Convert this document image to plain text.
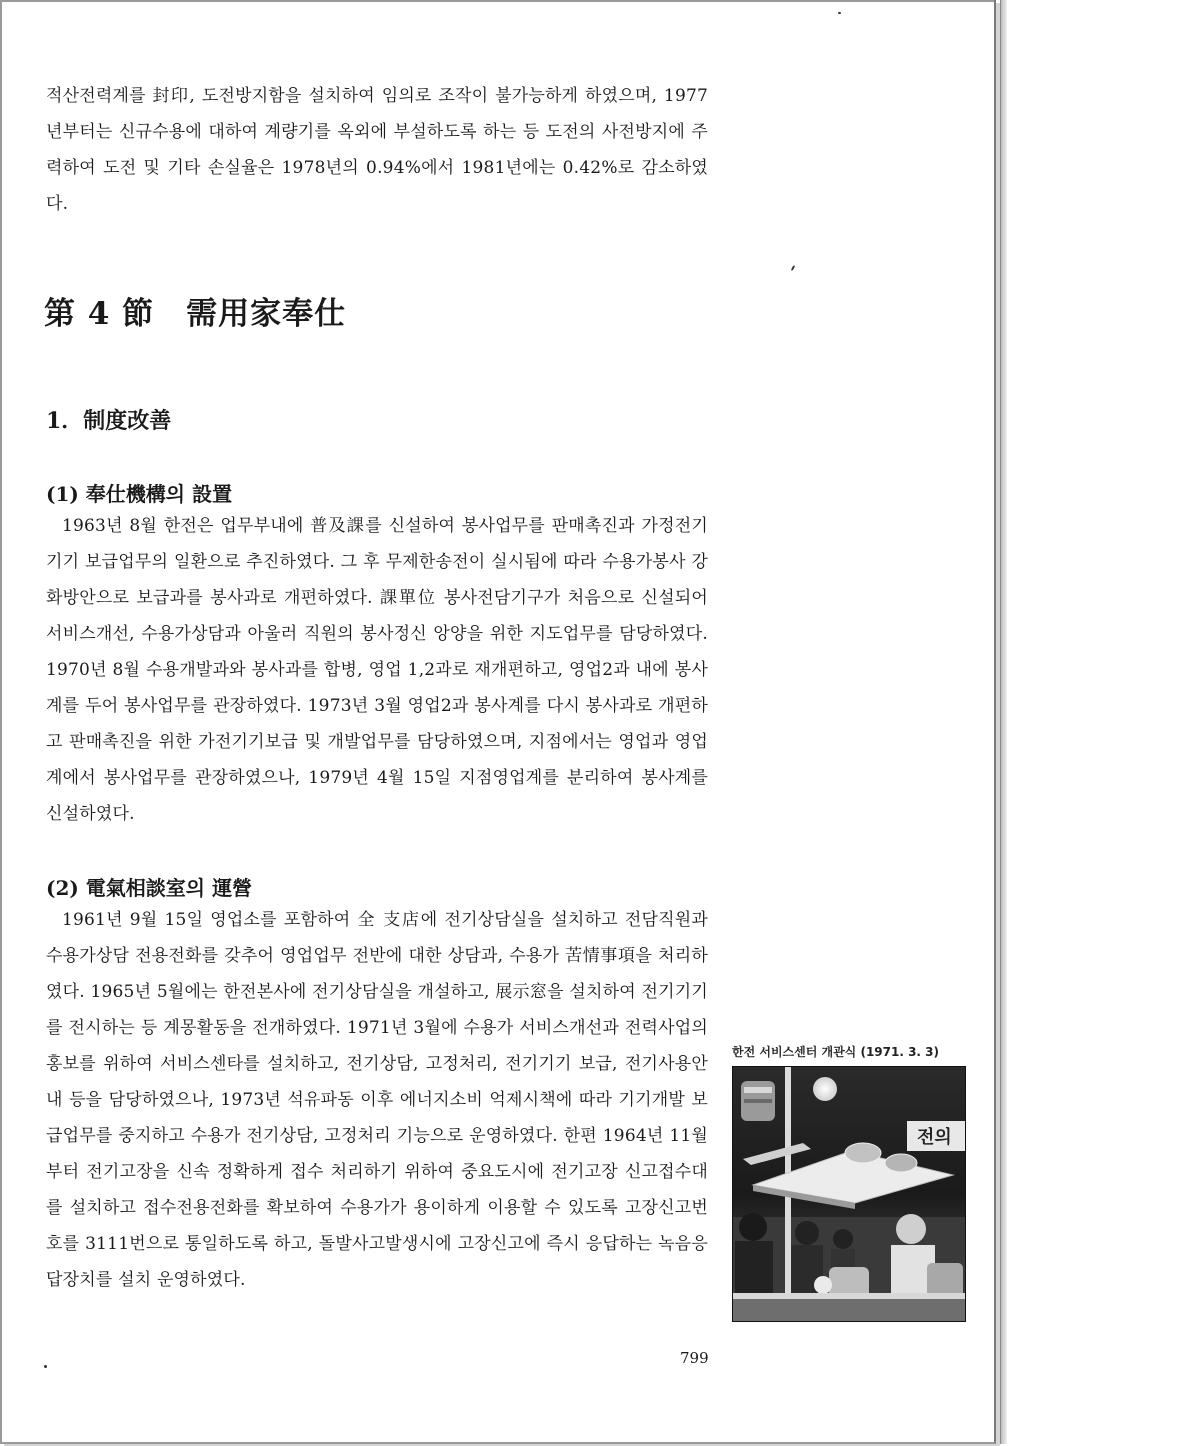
적산전력계를 封印, 도전방지함을 설치하여 임의로 조작이 불가능하게 하였으며, 1977년부터는 신규수용에 대하여 계량기를 옥외에 부설하도록 하는 등 도전의 사전방지에 주력하여 도전 및 기타 손실율은 1978년의 0.94%에서 1981년에는 0.42%로 감소하였다.

第 4 節　需用家奉仕
1．制度改善
(1) 奉仕機構의 設置

1963년 8월 한전은 업무부내에 普及課를 신설하여 봉사업무를 판매촉진과 가정전기기기 보급업무의 일환으로 추진하였다. 그 후 무제한송전이 실시됨에 따라 수용가봉사 강화방안으로 보급과를 봉사과로 개편하였다. 課單位 봉사전담기구가 처음으로 신설되어 서비스개선, 수용가상담과 아울러 직원의 봉사정신 앙양을 위한 지도업무를 담당하였다. 1970년 8월 수용개발과와 봉사과를 합병, 영업 1,2과로 재개편하고, 영업2과 내에 봉사계를 두어 봉사업무를 관장하였다. 1973년 3월 영업2과 봉사계를 다시 봉사과로 개편하고 판매촉진을 위한 가전기기보급 및 개발업무를 담당하였으며, 지점에서는 영업과 영업계에서 봉사업무를 관장하였으나, 1979년 4월 15일 지점영업계를 분리하여 봉사계를 신설하였다.

(2) 電氣相談室의 運營

1961년 9월 15일 영업소를 포함하여 全 支店에 전기상담실을 설치하고 전담직원과 수용가상담 전용전화를 갖추어 영업업무 전반에 대한 상담과, 수용가 苦情事項을 처리하였다. 1965년 5월에는 한전본사에 전기상담실을 개설하고, 展示窓을 설치하여 전기기기를 전시하는 등 계몽활동을 전개하였다. 1971년 3월에 수용가 서비스개선과 전력사업의 홍보를 위하여 서비스센타를 설치하고, 전기상담, 고정처리, 전기기기 보급, 전기사용안내 등을 담당하였으나, 1973년 석유파동 이후 에너지소비 억제시책에 따라 기기개발 보급업무를 중지하고 수용가 전기상담, 고정처리 기능으로 운영하였다. 한편 1964년 11월부터 전기고장을 신속 정확하게 접수 처리하기 위하여 중요도시에 전기고장 신고접수대를 설치하고 접수전용전화를 확보하여 수용가가 용이하게 이용할 수 있도록 고장신고번호를 3111번으로 통일하도록 하고, 돌발사고발생시에 고장신고에 즉시 응답하는 녹음응답장치를 설치 운영하였다.

한전 서비스센터 개관식 (1971. 3. 3)

전의

799
